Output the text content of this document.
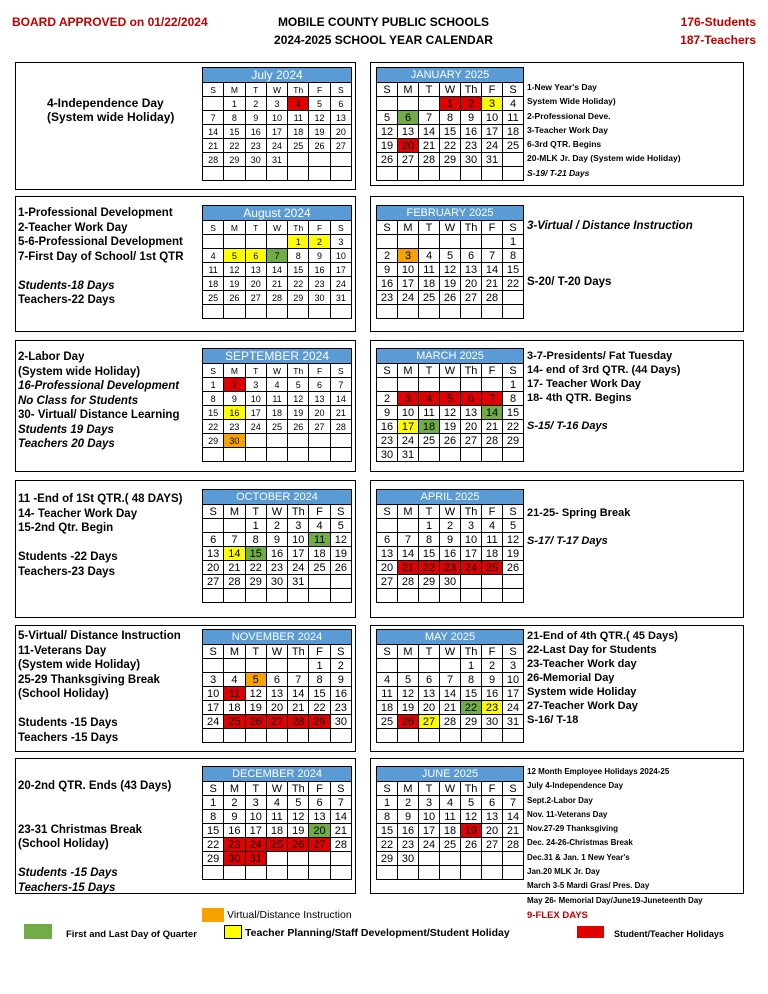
BOARD APPROVED on 01/22/2024	MOBILE COUNTY PUBLIC SCHOOLS
2024-2025 SCHOOL YEAR CALENDAR
176-Students
187-Teachers
July 2024						
S	M	T	W	Th	F	S
	1	2	3	4	5	6
7	8	9	10	11	12	13
14	15	16	17	18	19	20
21	22	23	24	25	26	27
28	29	30	31			

JANUARY 2025						
S	M	T	W	Th	F	S
			1	2	3	4
5	6	7	8	9	10	11
12	13	14	15	16	17	18
19	20	21	22	23	24	25
26	27	28	29	30	31	

August 2024						
S	M	T	W	Th	F	S
				1	2	3
4	5	6	7	8	9	10
11	12	13	14	15	16	17
18	19	20	21	22	23	24
25	26	27	28	29	30	31

FEBRUARY 2025						
S	M	T	W	Th	F	S
						1
2	3	4	5	6	7	8
9	10	11	12	13	14	15
16	17	18	19	20	21	22
23	24	25	26	27	28	

SEPTEMBER 2024						
S	M	T	W	Th	F	S
1	2	3	4	5	6	7
8	9	10	11	12	13	14
15	16	17	18	19	20	21
22	23	24	25	26	27	28
29	30					

MARCH 2025						
S	M	T	W	Th	F	S
						1
2	3	4	5	6	7	8
9	10	11	12	13	14	15
16	17	18	19	20	21	22
23	24	25	26	27	28	29
30	31					
OCTOBER 2024						
S	M	T	W	Th	F	S
		1	2	3	4	5
6	7	8	9	10	11	12
13	14	15	16	17	18	19
20	21	22	23	24	25	26
27	28	29	30	31		

APRIL 2025						
S	M	T	W	Th	F	S
		1	2	3	4	5
6	7	8	9	10	11	12
13	14	15	16	17	18	19
20	21	22	23	24	25	26
27	28	29	30			

NOVEMBER 2024						
S	M	T	W	Th	F	S
					1	2
3	4	5	6	7	8	9
10	11	12	13	14	15	16
17	18	19	20	21	22	23
24	25	26	27	28	29	30

MAY 2025						
S	M	T	W	Th	F	S
				1	2	3
4	5	6	7	8	9	10
11	12	13	14	15	16	17
18	19	20	21	22	23	24
25	26	27	28	29	30	31

DECEMBER 2024						
S	M	T	W	Th	F	S
1	2	3	4	5	6	7
8	9	10	11	12	13	14
15	16	17	18	19	20	21
22	23	24	25	26	27	28
29	30	31				

JUNE 2025						
S	M	T	W	Th	F	S
1	2	3	4	5	6	7
8	9	10	11	12	13	14
15	16	17	18	19	20	21
22	23	24	25	26	27	28
29	30					

4-Independence Day
(System wide Holiday)
1-Professional Development
2-Teacher Work Day
5-6-Professional Development
7-First Day of School/ 1st QTR
Students-18 Days
Teachers-22 Days
2-Labor Day
(System wide Holiday)
16-Professional Development
No Class for Students
30- Virtual/ Distance Learning
Students 19 Days
Teachers 20 Days
11 -End of 1St QTR.( 48 DAYS)
14- Teacher Work Day
15-2nd Qtr. Begin
Students -22 Days
Teachers-23 Days
5-Virtual/ Distance Instruction
11-Veterans Day
(System wide Holiday)
25-29 Thanksgiving Break
(School Holiday)
Students -15 Days
Teachers -15 Days
20-2nd QTR. Ends (43 Days)
23-31 Christmas Break
(School Holiday)
Students -15 Days
Teachers-15 Days
1-New Year's Day
System Wide Holiday)
2-Professional Deve.
3-Teacher Work Day
6-3rd QTR. Begins
20-MLK Jr. Day (System wide Holiday)
S-19/ T-21 Days
3-Virtual / Distance Instruction
S-20/ T-20 Days
3-7-Presidents/ Fat Tuesday
14- end of 3rd QTR. (44 Days)
17- Teacher Work Day
18- 4th QTR. Begins
S-15/ T-16 Days
21-25- Spring Break
S-17/ T-17 Days
21-End of 4th QTR.( 45 Days)
22-Last Day for Students
23-Teacher Work day
26-Memorial Day
System wide Holiday
27-Teacher Work Day
S-16/ T-18
12 Month Employee Holidays 2024-25
July 4-Independence Day
Sept.2-Labor Day
Nov. 11-Veterans Day
Nov.27-29 Thanksgiving
Dec. 24-26-Christmas Break
Dec.31 & Jan. 1 New Year's
Jan.20 MLK Jr. Day
March 3-5 Mardi Gras/ Pres. Day
May 26- Memorial Day/June19-Juneteenth Day
Virtual/Distance Instruction
First and Last Day of Quarter	Teacher Planning/Staff Development/Student Holiday
9-FLEX DAYS
Student/Teacher Holidays
